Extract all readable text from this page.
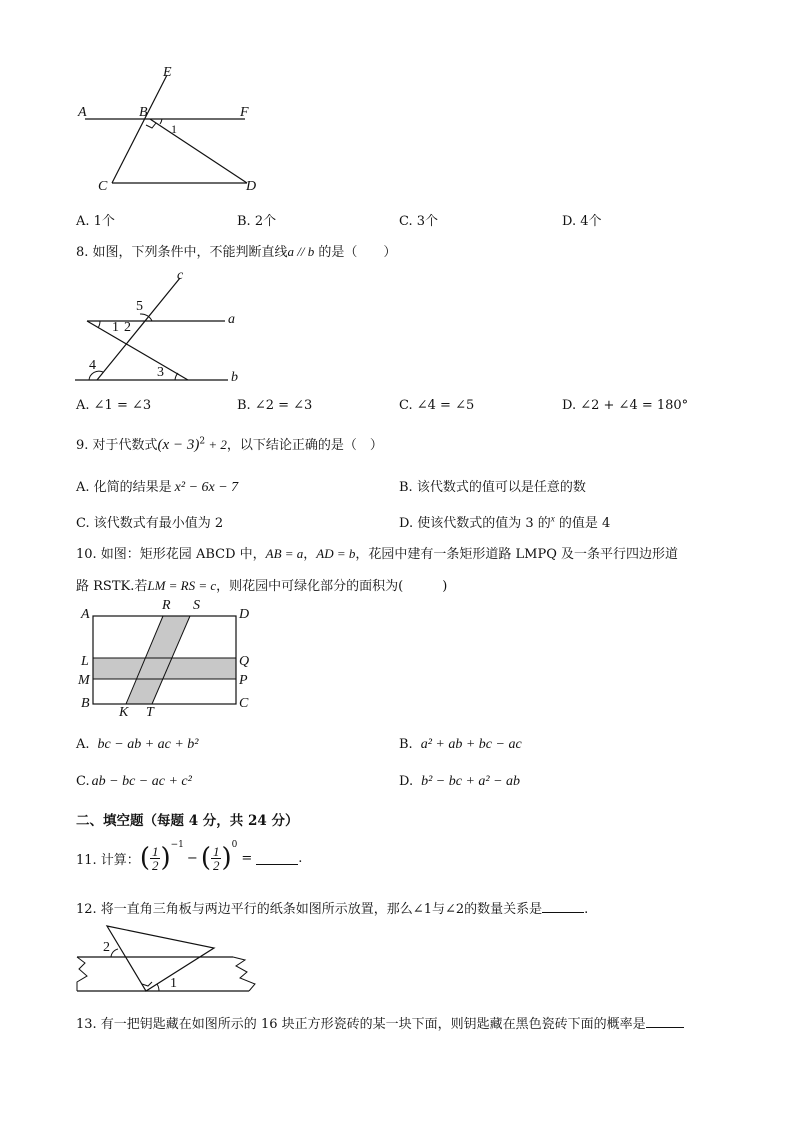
E
A	B	F
1
C	D
A. 1个	B. 2个	C. 3个	D. 4个
8. 如图，下列条件中，不能判断直线a // b 的是（　　）
c
5
1 2
a
4	3	b
A. ∠1 = ∠3	B. ∠2 = ∠3	C. ∠4 = ∠5	D. ∠2 + ∠4 = 180°
9. 对于代数式$(x - 3)^2 + 2$，以下结论正确的是（　）
A. 化简的结果是 x² − 6x − 7	B. 该代数式的值可以是任意的数
C. 该代数式有最小值为 2	D. 使该代数式的值为 3 的$^x$ 的值是 4
10. 如图：矩形花园 ABCD 中，AB = a，AD = b，花园中建有一条矩形道路 LMPQ 及一条平行四边形道
路 RSTK.若LM = RS = c，则花园中可绿化部分的面积为(　　　)
A
R S
D
L	Q
M	P
B
K T
C
A. bc − ab + ac + b²	B. a² + ab + bc − ac
C. ab − bc − ac + c²	D. b² − bc + a² − ab
二、填空题（每题 4 分，共 24 分）
11. 计算： ( $\frac{1}{2} )^{-1}$
− ( $\frac{1}{2} )^0$
=	.
12. 将一直角三角板与两边平行的纸条如图所示放置，那么∠1与∠2的数量关系是	.
2
1
13. 有一把钥匙藏在如图所示的 16 块正方形瓷砖的某一块下面，则钥匙藏在黑色瓷砖下面的概率是
